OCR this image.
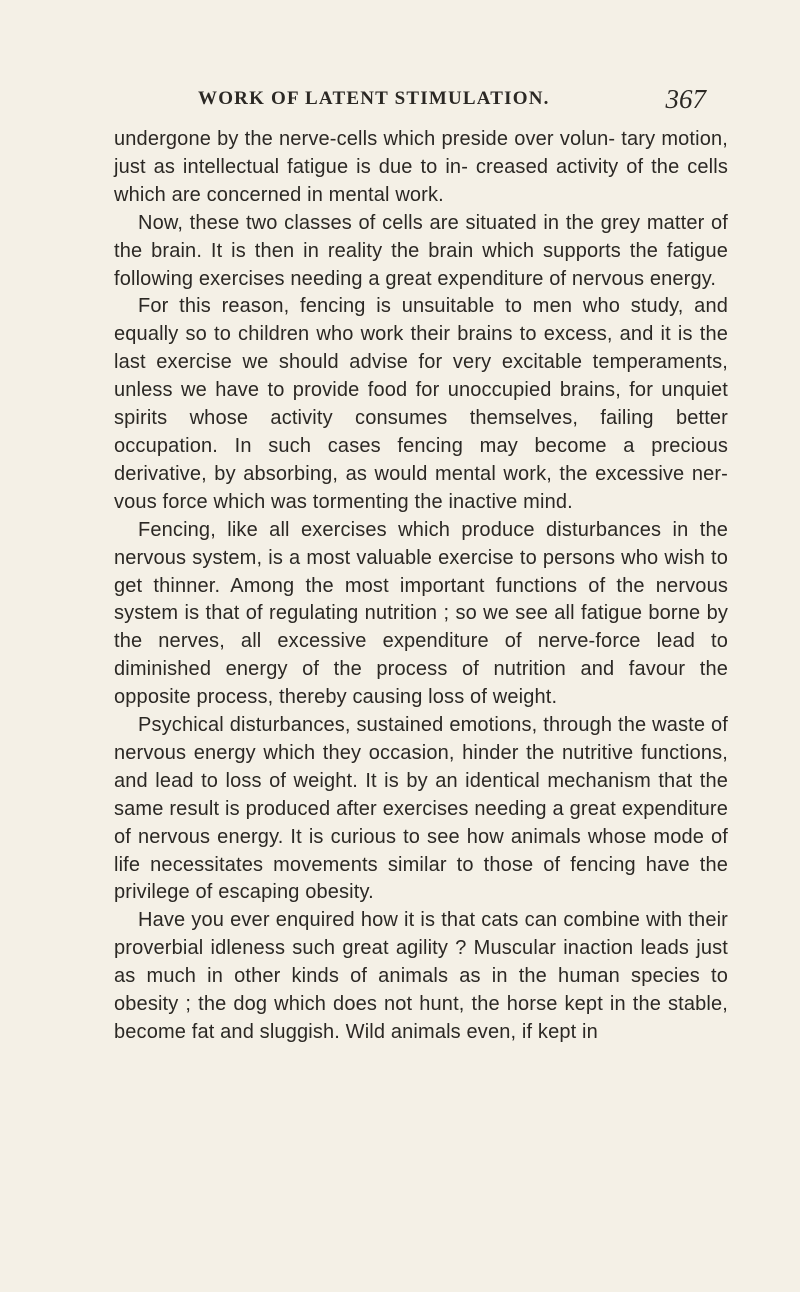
WORK OF LATENT STIMULATION.	367

undergone by the nerve-cells which preside over volun- tary motion, just as intellectual fatigue is due to in- creased activity of the cells which are concerned in mental work.

Now, these two classes of cells are situated in the grey matter of the brain. It is then in reality the brain which supports the fatigue following exercises needing a great expenditure of nervous energy.

For this reason, fencing is unsuitable to men who study, and equally so to children who work their brains to excess, and it is the last exercise we should advise for very excitable temperaments, unless we have to provide food for unoccupied brains, for unquiet spirits whose activity consumes themselves, failing better occupation. In such cases fencing may become a precious derivative, by absorbing, as would mental work, the excessive ner- vous force which was tormenting the inactive mind.

Fencing, like all exercises which produce disturbances in the nervous system, is a most valuable exercise to persons who wish to get thinner. Among the most important functions of the nervous system is that of regulating nutrition ; so we see all fatigue borne by the nerves, all excessive expenditure of nerve-force lead to diminished energy of the process of nutrition and favour the opposite process, thereby causing loss of weight.

Psychical disturbances, sustained emotions, through the waste of nervous energy which they occasion, hinder the nutritive functions, and lead to loss of weight. It is by an identical mechanism that the same result is produced after exercises needing a great expenditure of nervous energy. It is curious to see how animals whose mode of life necessitates movements similar to those of fencing have the privilege of escaping obesity.

Have you ever enquired how it is that cats can combine with their proverbial idleness such great agility ? Muscular inaction leads just as much in other kinds of animals as in the human species to obesity ; the dog which does not hunt, the horse kept in the stable, become fat and sluggish. Wild animals even, if kept in
